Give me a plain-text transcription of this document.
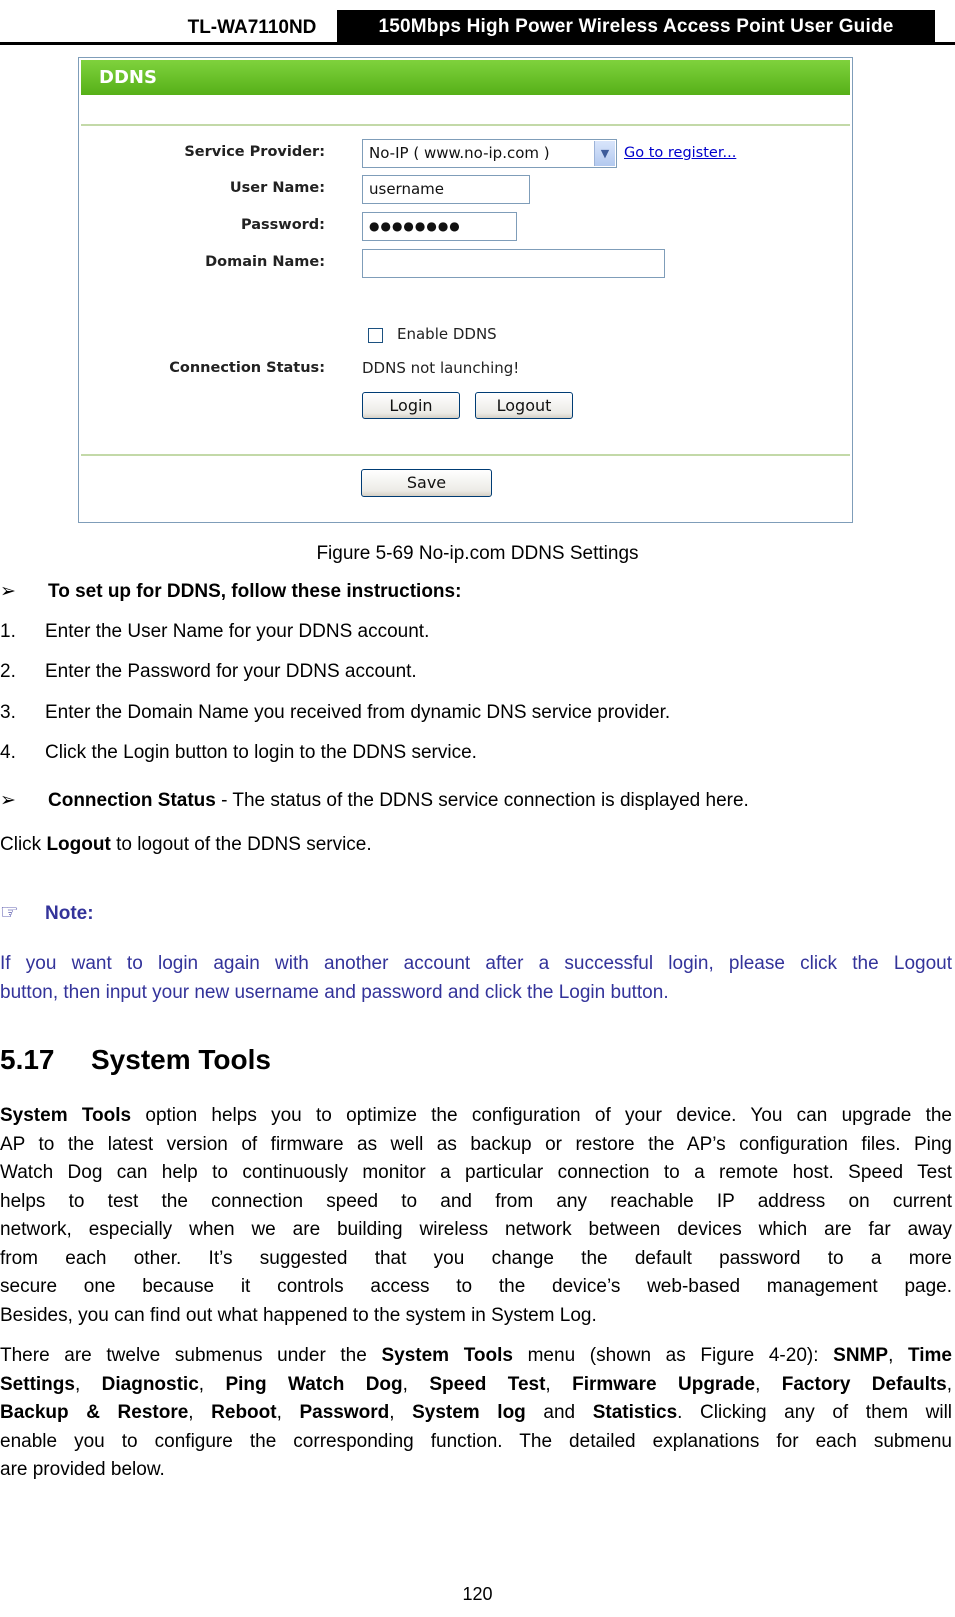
TL-WA7110ND	150Mbps High Power Wireless Access Point User Guide
DDNS
Service Provider:	No-IP ( www.no-ip.com )	▼	Go to register...
User Name:	username
Password:	●●●●●●●●
Domain Name:
Enable DDNS
Connection Status: DDNS not launching!
Login	Logout
Save
Figure 5-69 No-ip.com DDNS Settings
➢ To set up for DDNS, follow these instructions:
1. Enter the User Name for your DDNS account.
2. Enter the Password for your DDNS account.
3. Enter the Domain Name you received from dynamic DNS service provider.
4. Click the Login button to login to the DDNS service.
➢ Connection Status - The status of the DDNS service connection is displayed here.
Click Logout to logout of the DDNS service.
☞ Note:
If you want to login again with another account after a successful login, please click the Logout
button, then input your new username and password and click the Login button.
5.17 System Tools
System Tools option helps you to optimize the configuration of your device. You can upgrade the
AP to the latest version of firmware as well as backup or restore the AP’s configuration files. Ping
Watch Dog can help to continuously monitor a particular connection to a remote host. Speed Test
helps to test the connection speed to and from any reachable IP address on current
network, especially when we are building wireless network between devices which are far away
from each other. It’s suggested that you change the default password to a more
secure one because it controls access to the device’s web-based management page.
Besides, you can find out what happened to the system in System Log.
There are twelve submenus under the System Tools menu (shown as Figure 4-20): SNMP, Time
Settings, Diagnostic, Ping Watch Dog, Speed Test, Firmware Upgrade, Factory Defaults,
Backup & Restore, Reboot, Password, System log and Statistics. Clicking any of them will
enable you to configure the corresponding function. The detailed explanations for each submenu
are provided below.
120
